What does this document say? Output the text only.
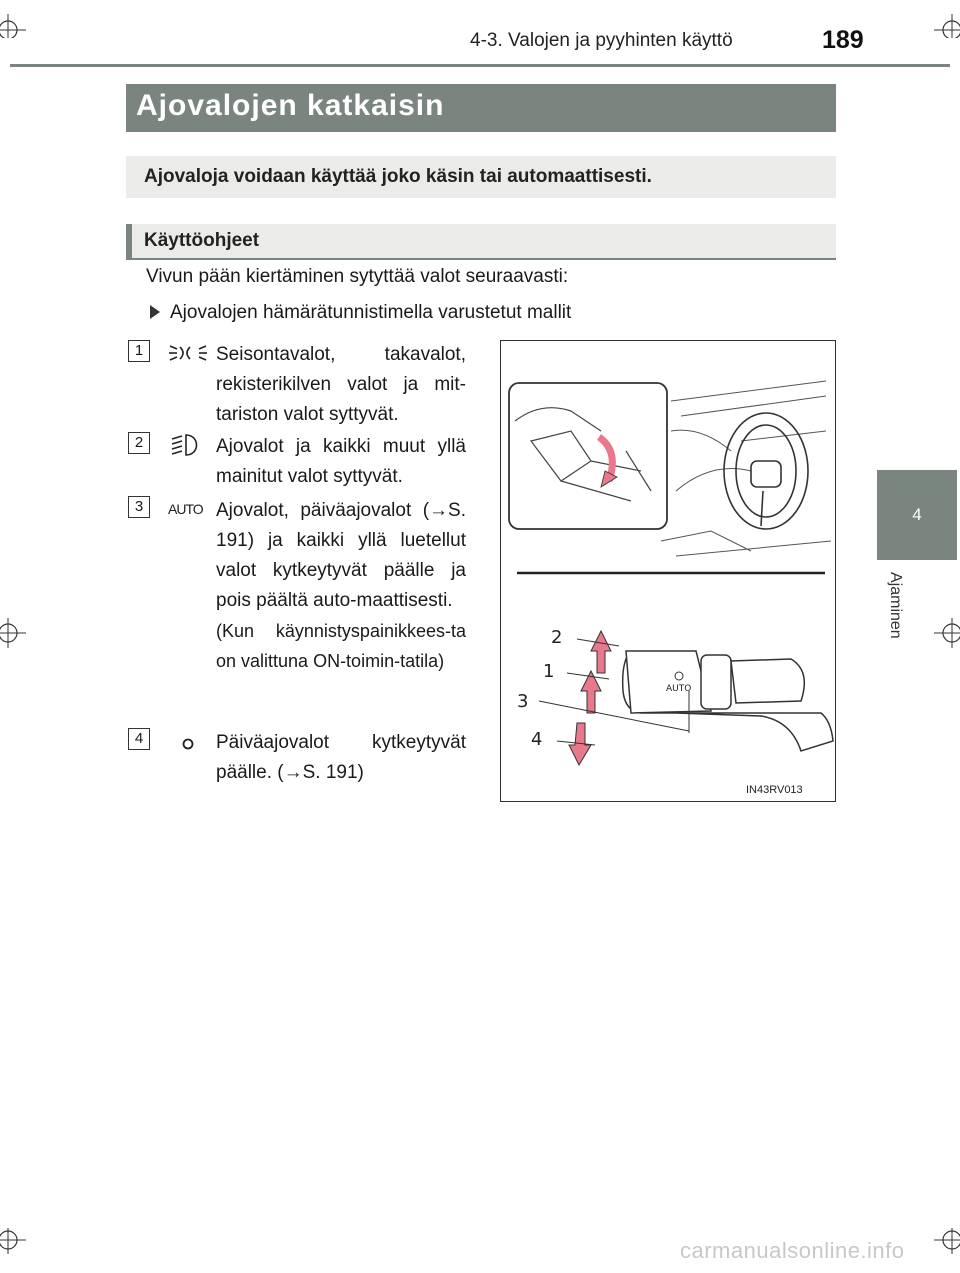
4-3. Valojen ja pyyhinten käyttö	189
4
Ajaminen
Ajovalojen katkaisin
Ajovaloja voidaan käyttää joko käsin tai automaattisesti.
Käyttöohjeet
Vivun pään kiertäminen sytyttää valot seuraavasti:
Ajovalojen hämärätunnistimella varustetut mallit
1	Seisontavalot, takavalot, rekisterikilven valot ja mit-tariston valot syttyvät.
2	Ajovalot ja kaikki muut yllä mainitut valot syttyvät.
3	AUTO Ajovalot, päiväajovalot (→S. 191) ja kaikki yllä luetellut valot kytkeytyvät päälle ja pois päältä auto-maattisesti.
(Kun käynnistyspainikkees-ta on valittuna ON-toimin-tatila)
4	Päiväajovalot kytkeytyvät päälle. (→S. 191)
AUTO
2
1
3
4
IN43RV013
carmanualsonline.info
